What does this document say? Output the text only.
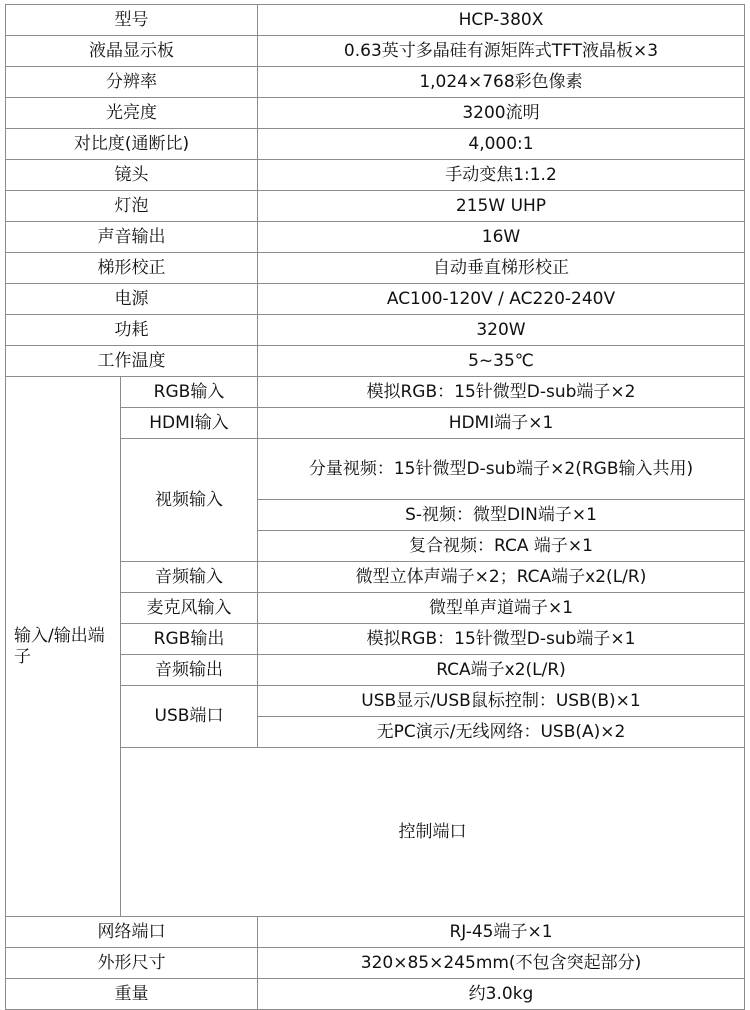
型号		HCP-380X	
液晶显示板		0.63英寸多晶硅有源矩阵式TFT液晶板×3	
分辨率		1,024×768彩色像素	
光亮度		3200流明	
对比度(通断比)		4,000:1	
镜头		手动变焦1:1.2	
灯泡		215W UHP	
声音输出		16W	
梯形校正		自动垂直梯形校正	
电源		AC100-120V / AC220-240V	
功耗		320W	
工作温度		5~35℃	

输入/输出端子	RGB输入	模拟RGB：15针微型D-sub端子×2	
	HDMI输入	HDMI端子×1	
	视频输入	分量视频：15针微型D-sub端子×2(RGB输入共用)	
		S-视频：微型DIN端子×1	
		复合视频：RCA 端子×1	
	音频输入	微型立体声端子×2；RCA端子x2(L/R)	
	麦克风输入	微型单声道端子×1	
	RGB输出	模拟RGB：15针微型D-sub端子×1	
	音频输出	RCA端子x2(L/R)	
	USB端口	USB显示/USB鼠标控制：USB(B)×1	
		无PC演示/无线网络：USB(A)×2	
	控制端口	
网络端口		RJ-45端子×1	
外形尺寸		320×85×245mm(不包含突起部分)	
重量		约3.0kg	
